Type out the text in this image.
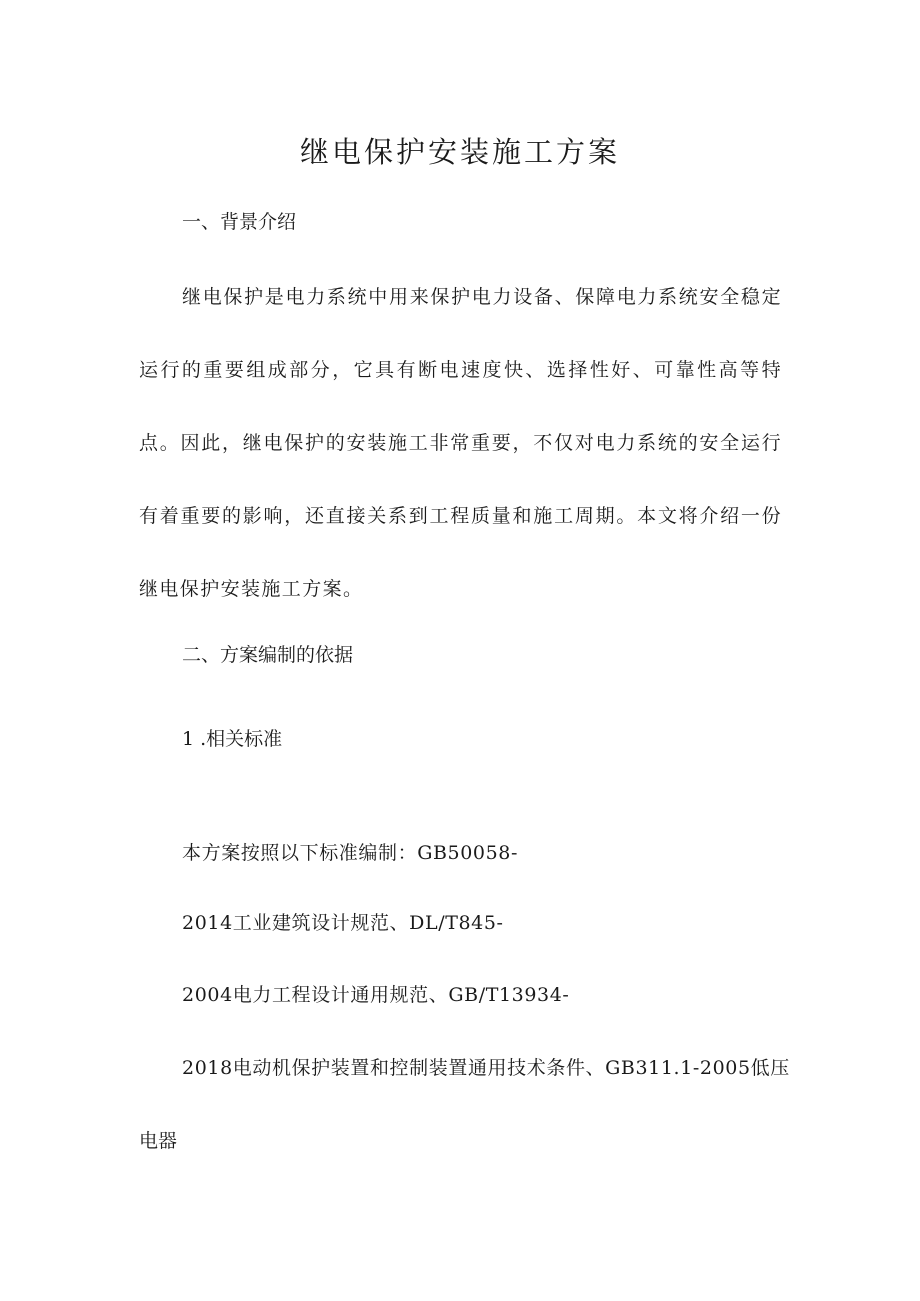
继电保护安装施工方案

一、背景介绍

继电保护是电力系统中用来保护电力设备、保障电力系统安全稳定运行的重要组成部分，它具有断电速度快、选择性好、可靠性高等特点。因此，继电保护的安装施工非常重要，不仅对电力系统的安全运行有着重要的影响，还直接关系到工程质量和施工周期。本文将介绍一份继电保护安装施工方案。

二、方案编制的依据

1 .相关标准

本方案按照以下标准编制：GB50058-

2014工业建筑设计规范、DL/T845-

2004电力工程设计通用规范、GB/T13934-

2018电动机保护装置和控制装置通用技术条件、GB311.1-2005低压

电器
